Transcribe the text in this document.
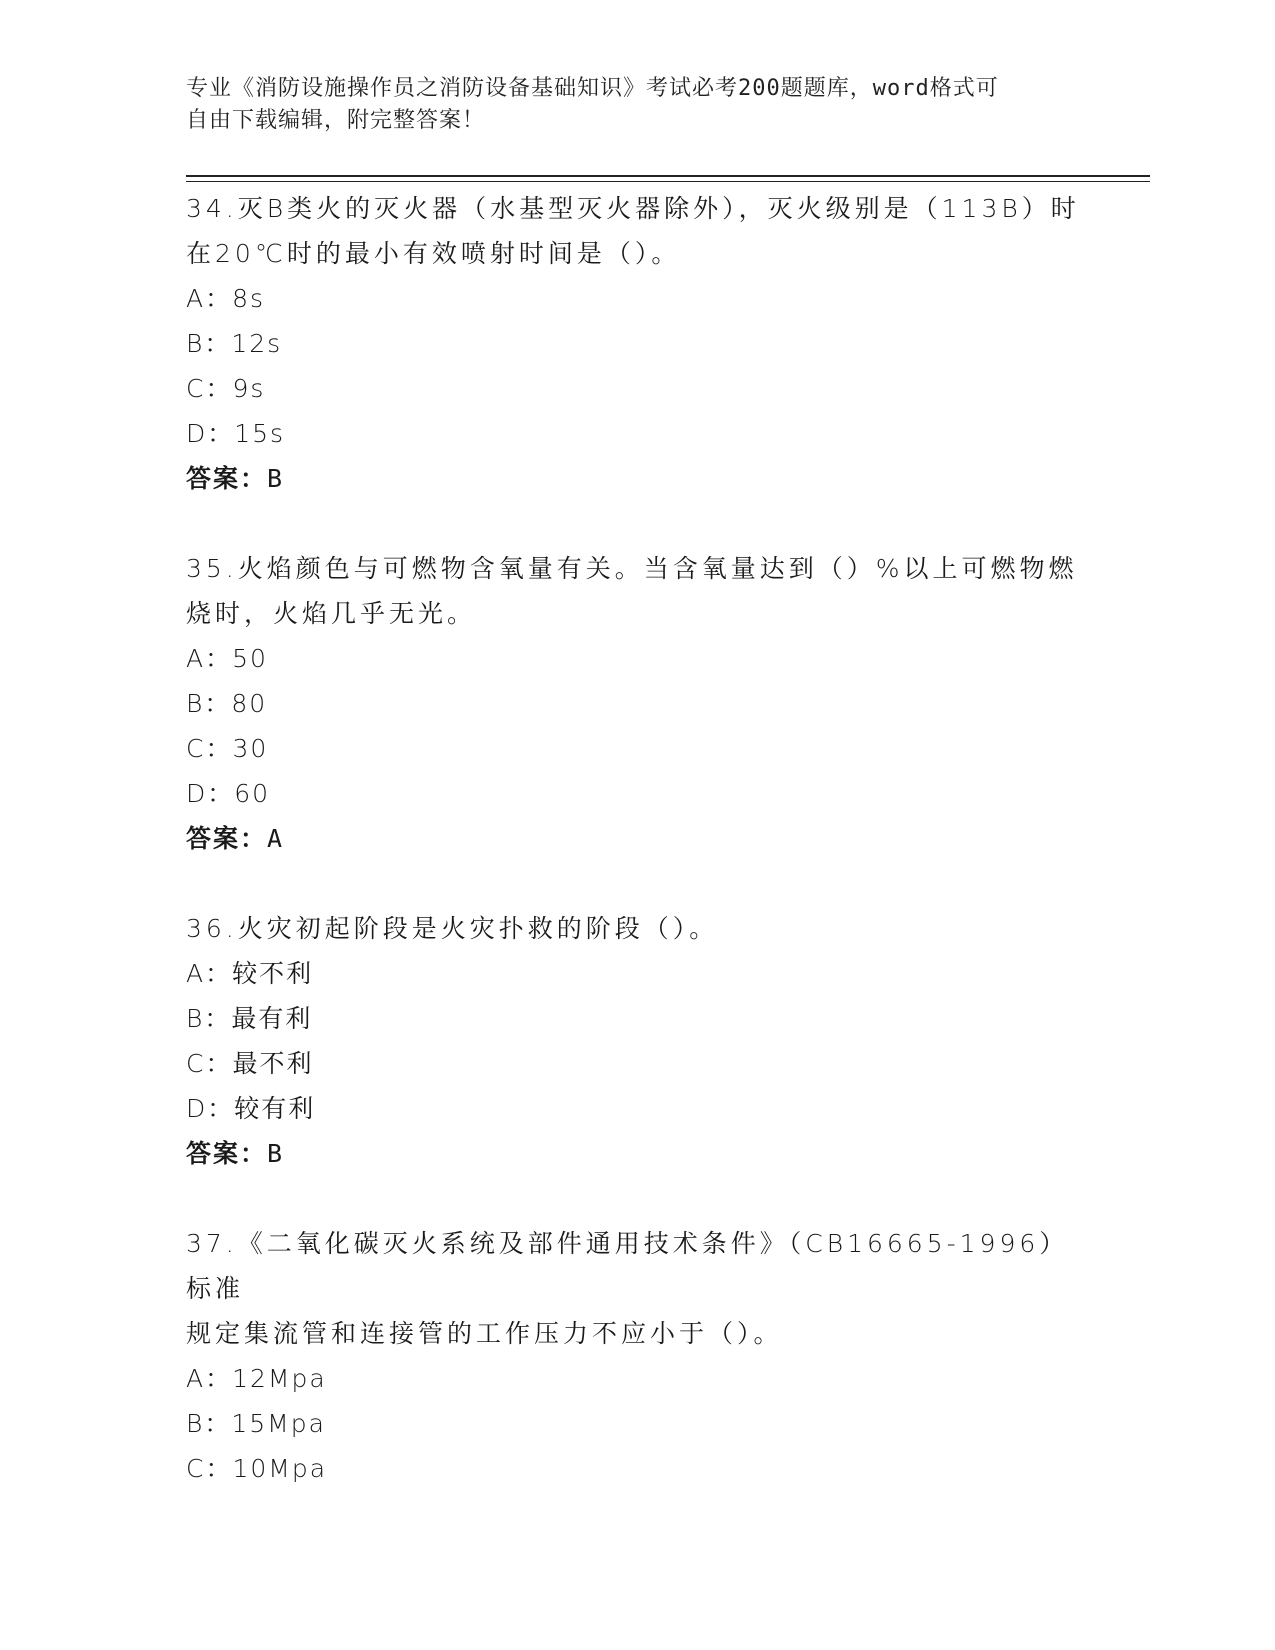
专业《消防设施操作员之消防设备基础知识》考试必考200题题库，word格式可
自由下载编辑，附完整答案！

34.灭B类火的灭火器（水基型灭火器除外），灭火级别是（113B）时

在20℃时的最小有效喷射时间是（）。

A：8s

B：12s

C：9s

D：15s

答案：B

35.火焰颜色与可燃物含氧量有关。当含氧量达到（）%以上可燃物燃

烧时，火焰几乎无光。

A：50

B：80

C：30

D：60

答案：A

36.火灾初起阶段是火灾扑救的阶段（）。

A：较不利

B：最有利

C：最不利

D：较有利

答案：B

37.《二氧化碳灭火系统及部件通用技术条件》（CB16665-1996）标准

规定集流管和连接管的工作压力不应小于（）。

A：12Mpa

B：15Mpa

C：10Mpa
